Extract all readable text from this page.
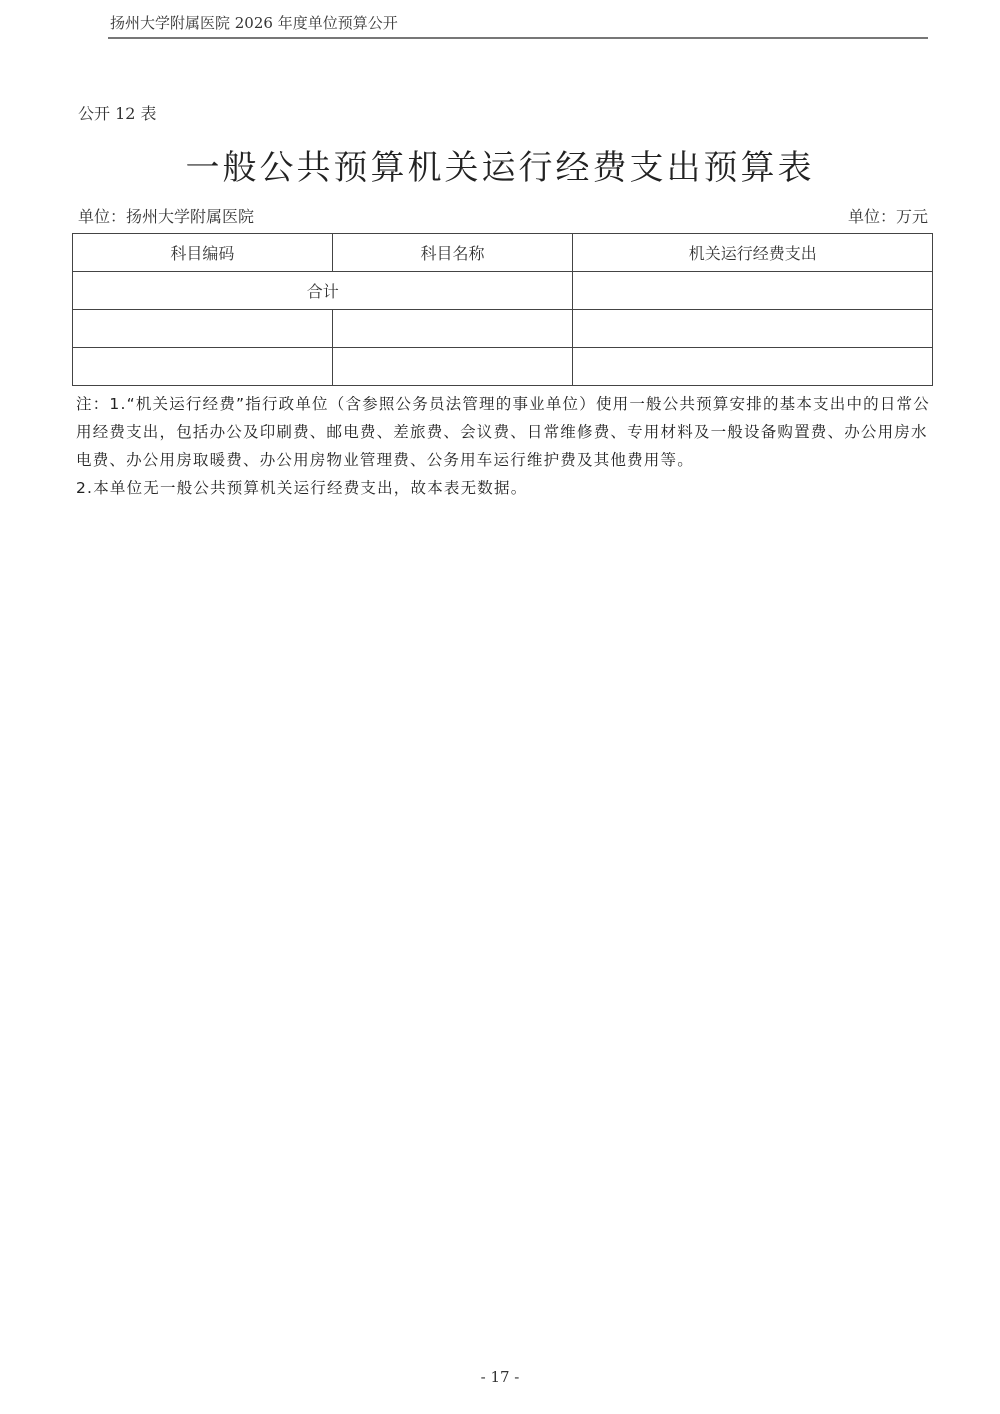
扬州大学附属医院 2026 年度单位预算公开
公开 12 表
一般公共预算机关运行经费支出预算表
单位：扬州大学附属医院	单位：万元
科目编码	科目名称	机关运行经费支出
合计		

注：1.“机关运行经费”指行政单位（含参照公务员法管理的事业单位）使用一般公共预算安排的基本支出中的日常公用经费支出，包括办公及印刷费、邮电费、差旅费、会议费、日常维修费、专用材料及一般设备购置费、办公用房水电费、办公用房取暖费、办公用房物业管理费、公务用车运行维护费及其他费用等。

2.本单位无一般公共预算机关运行经费支出，故本表无数据。

- 17 -
